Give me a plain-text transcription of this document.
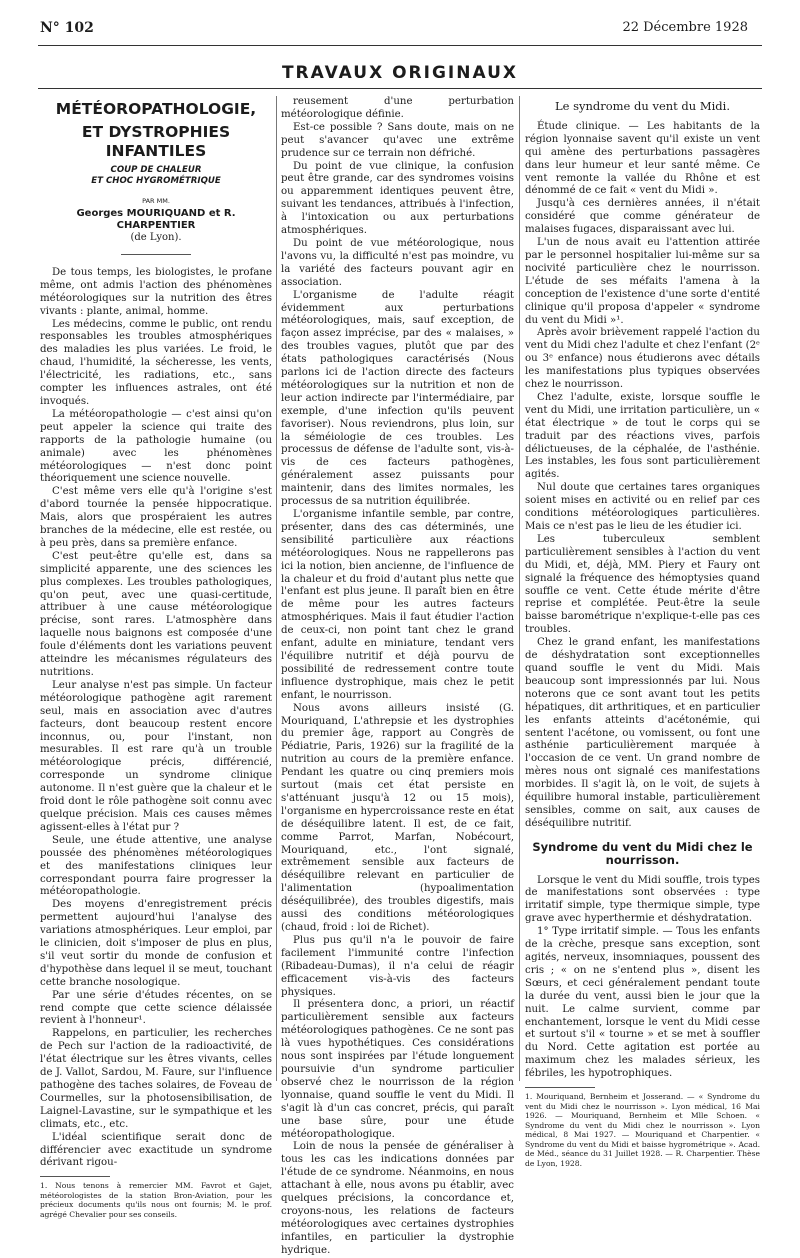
N° 102	22 Décembre 1928
TRAVAUX ORIGINAUX
MÉTÉOROPATHOLOGIE,
ET DYSTROPHIES INFANTILES
COUP DE CHALEUR
ET CHOC HYGROMÉTRIQUE
PAR MM.
Georges MOURIQUAND et R. CHARPENTIER
(de Lyon).

De tous temps, les biologistes, le profane même, ont admis l'action des phénomènes météorologiques sur la nutrition des êtres vivants : plante, animal, homme.

Les médecins, comme le public, ont rendu responsables les troubles atmosphériques des maladies les plus variées. Le froid, le chaud, l'humidité, la sécheresse, les vents, l'électricité, les radiations, etc., sans compter les influences astrales, ont été invoqués.

La météoropathologie — c'est ainsi qu'on peut appeler la science qui traite des rapports de la pathologie humaine (ou animale) avec les phénomènes météorologiques — n'est donc point théoriquement une science nouvelle.

C'est même vers elle qu'à l'origine s'est d'abord tournée la pensée hippocratique. Mais, alors que prospéraient les autres branches de la médecine, elle est restée, ou à peu près, dans sa première enfance.

C'est peut-être qu'elle est, dans sa simplicité apparente, une des sciences les plus complexes. Les troubles pathologiques, qu'on peut, avec une quasi-certitude, attribuer à une cause météorologique précise, sont rares. L'atmosphère dans laquelle nous baignons est composée d'une foule d'éléments dont les variations peuvent atteindre les mécanismes régulateurs des nutritions.

Leur analyse n'est pas simple. Un facteur météorologique pathogène agit rarement seul, mais en association avec d'autres facteurs, dont beaucoup restent encore inconnus, ou, pour l'instant, non mesurables. Il est rare qu'à un trouble météorologique précis, différencié, corresponde un syndrome clinique autonome. Il n'est guère que la chaleur et le froid dont le rôle pathogène soit connu avec quelque précision. Mais ces causes mêmes agissent-elles à l'état pur ?

Seule, une étude attentive, une analyse poussée des phénomènes météorologiques et des manifestations cliniques leur correspondant pourra faire progresser la météoropathologie.

Des moyens d'enregistrement précis permettent aujourd'hui l'analyse des variations atmosphériques. Leur emploi, par le clinicien, doit s'imposer de plus en plus, s'il veut sortir du monde de confusion et d'hypothèse dans lequel il se meut, touchant cette branche nosologique.

Par une série d'études récentes, on se rend compte que cette science délaissée revient à l'honneur¹.

Rappelons, en particulier, les recherches de Pech sur l'action de la radioactivité, de l'état électrique sur les êtres vivants, celles de J. Vallot, Sardou, M. Faure, sur l'influence pathogène des taches solaires, de Foveau de Courmelles, sur la photosensibilisation, de Laignel-Lavastine, sur le sympathique et les climats, etc., etc.

L'idéal scientifique serait donc de différencier avec exactitude un syndrome dérivant rigou-

1. Nous tenons à remercier MM. Favrot et Gajet, météorologistes de la station Bron-Aviation, pour les précieux documents qu'ils nous ont fournis; M. le prof. agrégé Chevalier pour ses conseils.

reusement d'une perturbation météorologique définie.

Est-ce possible ? Sans doute, mais on ne peut s'avancer qu'avec une extrême prudence sur ce terrain non défriché.

Du point de vue clinique, la confusion peut être grande, car des syndromes voisins ou apparemment identiques peuvent être, suivant les tendances, attribués à l'infection, à l'intoxication ou aux perturbations atmosphériques.

Du point de vue météorologique, nous l'avons vu, la difficulté n'est pas moindre, vu la variété des facteurs pouvant agir en association.

L'organisme de l'adulte réagit évidemment aux perturbations météorologiques, mais, sauf exception, de façon assez imprécise, par des « malaises, » des troubles vagues, plutôt que par des états pathologiques caractérisés (Nous parlons ici de l'action directe des facteurs météorologiques sur la nutrition et non de leur action indirecte par l'intermédiaire, par exemple, d'une infection qu'ils peuvent favoriser). Nous reviendrons, plus loin, sur la séméiologie de ces troubles. Les processus de défense de l'adulte sont, vis-à-vis de ces facteurs pathogènes, généralement assez puissants pour maintenir, dans des limites normales, les processus de sa nutrition équilibrée.

L'organisme infantile semble, par contre, présenter, dans des cas déterminés, une sensibilité particulière aux réactions météorologiques. Nous ne rappellerons pas ici la notion, bien ancienne, de l'influence de la chaleur et du froid d'autant plus nette que l'enfant est plus jeune. Il paraît bien en être de même pour les autres facteurs atmosphériques. Mais il faut étudier l'action de ceux-ci, non point tant chez le grand enfant, adulte en miniature, tendant vers l'équilibre nutritif et déjà pourvu de possibilité de redressement contre toute influence dystrophique, mais chez le petit enfant, le nourrisson.

Nous avons ailleurs insisté (G. Mouriquand, L'athrepsie et les dystrophies du premier âge, rapport au Congrès de Pédiatrie, Paris, 1926) sur la fragilité de la nutrition au cours de la première enfance. Pendant les quatre ou cinq premiers mois surtout (mais cet état persiste en s'atténuant jusqu'à 12 ou 15 mois), l'organisme en hypercroissance reste en état de déséquilibre latent. Il est, de ce fait, comme Parrot, Marfan, Nobécourt, Mouriquand, etc., l'ont signalé, extrêmement sensible aux facteurs de déséquilibre relevant en particulier de l'alimentation (hypoalimentation déséquilibrée), des troubles digestifs, mais aussi des conditions météorologiques (chaud, froid : loi de Richet).

Plus pus qu'il n'a le pouvoir de faire facilement l'immunité contre l'infection (Ribadeau-Dumas), il n'a celui de réagir efficacement vis-à-vis des facteurs physiques.

Il présentera donc, a priori, un réactif particulièrement sensible aux facteurs météorologiques pathogènes. Ce ne sont pas là vues hypothétiques. Ces considérations nous sont inspirées par l'étude longuement poursuivie d'un syndrome particulier observé chez le nourrisson de la région lyonnaise, quand souffle le vent du Midi. Il s'agit là d'un cas concret, précis, qui paraît une base sûre, pour une étude météoropathologique.

Loin de nous la pensée de généraliser à tous les cas les indications données par l'étude de ce syndrome. Néanmoins, en nous attachant à elle, nous avons pu établir, avec quelques précisions, la concordance et, croyons-nous, les relations de facteurs météorologiques avec certaines dystrophies infantiles, en particulier la dystrophie hydrique.

Le syndrome du vent du Midi.

Étude clinique. — Les habitants de la région lyonnaise savent qu'il existe un vent qui amène des perturbations passagères dans leur humeur et leur santé même. Ce vent remonte la vallée du Rhône et est dénommé de ce fait « vent du Midi ».

Jusqu'à ces dernières années, il n'était considéré que comme générateur de malaises fugaces, disparaissant avec lui.

L'un de nous avait eu l'attention attirée par le personnel hospitalier lui-même sur sa nocivité particulière chez le nourrisson. L'étude de ses méfaits l'amena à la conception de l'existence d'une sorte d'entité clinique qu'il proposa d'appeler « syndrome du vent du Midi »¹.

Après avoir brièvement rappelé l'action du vent du Midi chez l'adulte et chez l'enfant (2ᵉ ou 3ᵉ enfance) nous étudierons avec détails les manifestations plus typiques observées chez le nourrisson.

Chez l'adulte, existe, lorsque souffle le vent du Midi, une irritation particulière, un « état électrique » de tout le corps qui se traduit par des réactions vives, parfois délictueuses, de la céphalée, de l'asthénie. Les instables, les fous sont particulièrement agités.

Nul doute que certaines tares organiques soient mises en activité ou en relief par ces conditions météorologiques particulières. Mais ce n'est pas le lieu de les étudier ici.

Les tuberculeux semblent particulièrement sensibles à l'action du vent du Midi, et, déjà, MM. Piery et Faury ont signalé la fréquence des hémoptysies quand souffle ce vent. Cette étude mérite d'être reprise et complétée. Peut-être la seule baisse barométrique n'explique-t-elle pas ces troubles.

Chez le grand enfant, les manifestations de déshydratation sont exceptionnelles quand souffle le vent du Midi. Mais beaucoup sont impressionnés par lui. Nous noterons que ce sont avant tout les petits hépatiques, dit arthritiques, et en particulier les enfants atteints d'acétonémie, qui sentent l'acétone, ou vomissent, ou font une asthénie particulièrement marquée à l'occasion de ce vent. Un grand nombre de mères nous ont signalé ces manifestations morbides. Il s'agit là, on le voit, de sujets à équilibre humoral instable, particulièrement sensibles, comme on sait, aux causes de déséquilibre nutritif.

Syndrome du vent du Midi chez le nourrisson.

Lorsque le vent du Midi souffle, trois types de manifestations sont observées : type irritatif simple, type thermique simple, type grave avec hyperthermie et déshydratation.

1° Type irritatif simple. — Tous les enfants de la crèche, presque sans exception, sont agités, nerveux, insomniaques, poussent des cris ; « on ne s'entend plus », disent les Sœurs, et ceci généralement pendant toute la durée du vent, aussi bien le jour que la nuit. Le calme survient, comme par enchantement, lorsque le vent du Midi cesse et surtout s'il « tourne » et se met à souffler du Nord. Cette agitation est portée au maximum chez les malades sérieux, les fébriles, les hypotrophiques.

1. Mouriquand, Bernheim et Josserand. — « Syndrome du vent du Midi chez le nourrisson ». Lyon médical, 16 Mai 1926. — Mouriquand, Bernheim et Mlle Schoen. « Syndrome du vent du Midi chez le nourrisson ». Lyon médical, 8 Mai 1927. — Mouriquand et Charpentier. « Syndrome du vent du Midi et baisse hygrométrique ». Acad. de Méd., séance du 31 Juillet 1928. — R. Charpentier. Thèse de Lyon, 1928.
